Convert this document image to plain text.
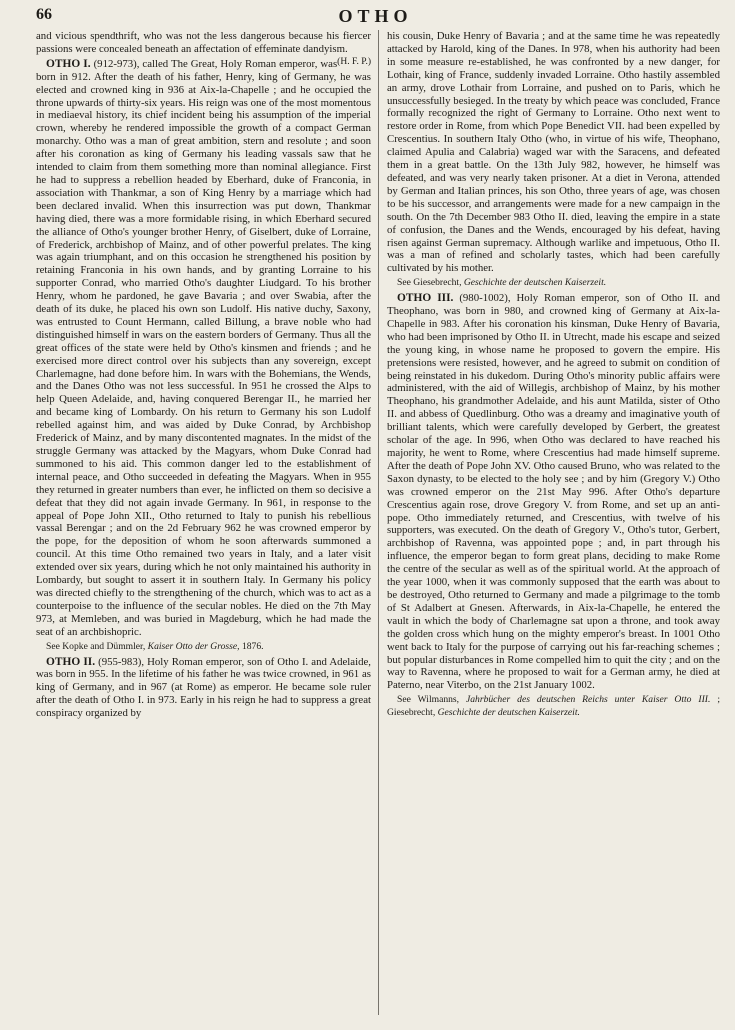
66	OTHO

and vicious spendthrift, who was not the less dangerous because his fiercer passions were concealed beneath an affectation of effeminate dandyism.
(H. F. P.)

OTHO I. (912-973), called The Great, Holy Roman emperor, was born in 912. After the death of his father, Henry, king of Germany, he was elected and crowned king in 936 at Aix-la-Chapelle ; and he occupied the throne upwards of thirty-six years. His reign was one of the most momentous in mediaeval history, its chief incident being his assumption of the imperial crown, whereby he rendered impossible the growth of a compact German monarchy. Otho was a man of great ambition, stern and resolute ; and soon after his coronation as king of Germany his leading vassals saw that he intended to claim from them something more than nominal allegiance. First he had to suppress a rebellion headed by Eberhard, duke of Franconia, in association with Thankmar, a son of King Henry by a marriage which had been declared invalid. When this insurrection was put down, Thankmar having died, there was a more formidable rising, in which Eberhard secured the alliance of Otho's younger brother Henry, of Giselbert, duke of Lorraine, of Frederick, archbishop of Mainz, and of other powerful prelates. The king was again triumphant, and on this occasion he strengthened his position by retaining Franconia in his own hands, and by granting Lorraine to his supporter Conrad, who married Otho's daughter Liudgard. To his brother Henry, whom he pardoned, he gave Bavaria ; and over Swabia, after the death of its duke, he placed his own son Ludolf. His native duchy, Saxony, was entrusted to Count Hermann, called Billung, a brave noble who had distinguished himself in wars on the eastern borders of Germany. Thus all the great offices of the state were held by Otho's kinsmen and friends ; and he exercised more direct control over his subjects than any sovereign, except Charlemagne, had done before him. In wars with the Bohemians, the Wends, and the Danes Otho was not less successful. In 951 he crossed the Alps to help Queen Adelaide, and, having conquered Berengar II., he married her and became king of Lombardy. On his return to Germany his son Ludolf rebelled against him, and was aided by Duke Conrad, by Archbishop Frederick of Mainz, and by many discontented magnates. In the midst of the struggle Germany was attacked by the Magyars, whom Duke Conrad had summoned to his aid. This common danger led to the establishment of internal peace, and Otho succeeded in defeating the Magyars. When in 955 they returned in greater numbers than ever, he inflicted on them so decisive a defeat that they did not again invade Germany. In 961, in response to the appeal of Pope John XII., Otho returned to Italy to punish his rebellious vassal Berengar ; and on the 2d February 962 he was crowned emperor by the pope, for the deposition of whom he soon afterwards summoned a council. At this time Otho remained two years in Italy, and a later visit extended over six years, during which he not only maintained his authority in Lombardy, but sought to assert it in southern Italy. In Germany his policy was directed chiefly to the strengthening of the church, which was to act as a counterpoise to the influence of the secular nobles. He died on the 7th May 973, at Memleben, and was buried in Magdeburg, which he had made the seat of an archbishopric.

See Kopke and Dümmler, Kaiser Otto der Grosse, 1876.

OTHO II. (955-983), Holy Roman emperor, son of Otho I. and Adelaide, was born in 955. In the lifetime of his father he was twice crowned, in 961 as king of Germany, and in 967 (at Rome) as emperor. He became sole ruler after the death of Otho I. in 973. Early in his reign he had to suppress a great conspiracy organized by

his cousin, Duke Henry of Bavaria ; and at the same time he was repeatedly attacked by Harold, king of the Danes. In 978, when his authority had been in some measure re-established, he was confronted by a new danger, for Lothair, king of France, suddenly invaded Lorraine. Otho hastily assembled an army, drove Lothair from Lorraine, and pushed on to Paris, which he unsuccessfully besieged. In the treaty by which peace was concluded, France formally recognized the right of Germany to Lorraine. Otho next went to restore order in Rome, from which Pope Benedict VII. had been expelled by Crescentius. In southern Italy Otho (who, in virtue of his wife, Theophano, claimed Apulia and Calabria) waged war with the Saracens, and defeated them in a great battle. On the 13th July 982, however, he himself was defeated, and was very nearly taken prisoner. At a diet in Verona, attended by German and Italian princes, his son Otho, three years of age, was chosen to be his successor, and arrangements were made for a new campaign in the south. On the 7th December 983 Otho II. died, leaving the empire in a state of confusion, the Danes and the Wends, encouraged by his defeat, having risen against German supremacy. Although warlike and impetuous, Otho II. was a man of refined and scholarly tastes, which had been carefully cultivated by his mother.

See Giesebrecht, Geschichte der deutschen Kaiserzeit.

OTHO III. (980-1002), Holy Roman emperor, son of Otho II. and Theophano, was born in 980, and crowned king of Germany at Aix-la-Chapelle in 983. After his coronation his kinsman, Duke Henry of Bavaria, who had been imprisoned by Otho II. in Utrecht, made his escape and seized the young king, in whose name he proposed to govern the empire. His pretensions were resisted, however, and he agreed to submit on condition of being reinstated in his dukedom. During Otho's minority public affairs were administered, with the aid of Willegis, archbishop of Mainz, by his mother Theophano, his grandmother Adelaide, and his aunt Matilda, sister of Otho II. and abbess of Quedlinburg. Otho was a dreamy and imaginative youth of brilliant talents, which were carefully developed by Gerbert, the greatest scholar of the age. In 996, when Otho was declared to have reached his majority, he went to Rome, where Crescentius had made himself supreme. After the death of Pope John XV. Otho caused Bruno, who was related to the Saxon dynasty, to be elected to the holy see ; and by him (Gregory V.) Otho was crowned emperor on the 21st May 996. After Otho's departure Crescentius again rose, drove Gregory V. from Rome, and set up an anti-pope. Otho immediately returned, and Crescentius, with twelve of his supporters, was executed. On the death of Gregory V., Otho's tutor, Gerbert, archbishop of Ravenna, was appointed pope ; and, in part through his influence, the emperor began to form great plans, deciding to make Rome the centre of the secular as well as of the spiritual world. At the approach of the year 1000, when it was commonly supposed that the earth was about to be destroyed, Otho returned to Germany and made a pilgrimage to the tomb of St Adalbert at Gnesen. Afterwards, in Aix-la-Chapelle, he entered the vault in which the body of Charlemagne sat upon a throne, and took away the golden cross which hung on the mighty emperor's breast. In 1001 Otho went back to Italy for the purpose of carrying out his far-reaching schemes ; but popular disturbances in Rome compelled him to quit the city ; and on the way to Ravenna, where he proposed to wait for a German army, he died at Paterno, near Viterbo, on the 21st January 1002.

See Wilmanns, Jahrbücher des deutschen Reichs unter Kaiser Otto III. ; Giesebrecht, Geschichte der deutschen Kaiserzeit.
